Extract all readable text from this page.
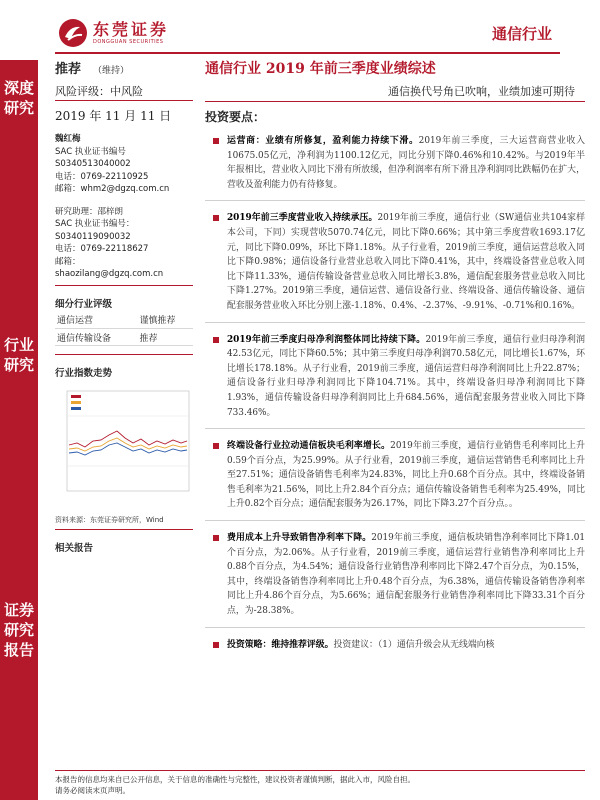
深度研究
行业研究
证券研究报告
东莞证券
DONGGUAN SECURITIES	通信行业
推荐 （维持）
风险评级：中风险
2019 年 11 月 11 日
魏红梅
SAC 执业证书编号
S0340513040002
电话：0769-22110925
邮箱：whm2@dgzq.com.cn
研究助理：邵梓朗
SAC 执业证书编号：
S0340119090032
电话：0769-22118627
邮箱：
shaozilang@dgzq.com.cn
细分行业评级
通信运营	谨慎推荐
通信传输设备	推荐
行业指数走势
资料来源：东莞证券研究所，Wind
相关报告
通信行业 2019 年前三季度业绩综述
通信换代号角已吹响，业绩加速可期待
投资要点：
运营商：业绩有所修复，盈利能力持续下滑。2019年前三季度，三大运营商营业收入10675.05亿元，净利润为1100.12亿元，同比分别下降0.46%和10.42%。与2019年半年报相比，营业收入同比下滑有所放缓，但净利润率有所下滑且净利润同比跌幅仍在扩大，营收及盈利能力仍有待修复。
2019年前三季度营业收入持续承压。2019年前三季度，通信行业（SW通信业共104家样本公司，下同）实现营收5070.74亿元，同比下降0.66%；其中第三季度营收1693.17亿元，同比下降0.09%，环比下降1.18%。从子行业看，2019前三季度，通信运营总收入同比下降0.98%；通信设备行业营业总收入同比下降0.41%，其中，终端设备营业总收入同比下降11.33%，通信传输设备营业总收入同比增长3.8%，通信配套服务营业总收入同比下降1.27%。2019第三季度，通信运营、通信设备行业、终端设备、通信传输设备、通信配套服务营业收入环比分别上涨-1.18%、0.4%、-2.37%、-9.91%、-0.71%和0.16%。
2019年前三季度归母净利润整体同比持续下降。2019年前三季度，通信行业归母净利润42.53亿元，同比下降60.5%；其中第三季度归母净利润70.58亿元，同比增长1.67%，环比增长178.18%。从子行业看，2019前三季度，通信运营归母净利润同比上升22.87%；通信设备行业归母净利润同比下降104.71%。其中，终端设备归母净利润同比下降1.93%，通信传输设备归母净利润同比上升684.56%，通信配套服务营业收入同比下降733.46%。
终端设备行业拉动通信板块毛利率增长。2019年前三季度，通信行业销售毛利率同比上升0.59个百分点，为25.99%。从子行业看，2019前三季度，通信运营销售毛利率同比上升至27.51%；通信设备销售毛利率为24.83%，同比上升0.68个百分点。其中，终端设备销售毛利率为21.56%，同比上升2.84个百分点；通信传输设备销售毛利率为25.49%，同比上升0.82个百分点；通信配套服务为26.17%，同比下降3.27个百分点。。
费用成本上升导致销售净利率下降。2019年前三季度，通信板块销售净利率同比下降1.01个百分点，为2.06%。从子行业看，2019前三季度，通信运营行业销售净利率同比上升0.88个百分点，为4.54%；通信设备行业销售净利率同比下降2.47个百分点，为0.15%，其中，终端设备销售净利率同比上升0.48个百分点，为6.38%，通信传输设备销售净利率同比上升4.86个百分点，为5.66%；通信配套服务行业销售净利率同比下降33.31个百分点，为-28.38%。
投资策略：维持推荐评级。投资建议：（1）通信升级会从无线端向核
本报告的信息均来自已公开信息，关于信息的准确性与完整性，建议投资者谨慎判断，据此入市，风险自担。
请务必阅读末页声明。
